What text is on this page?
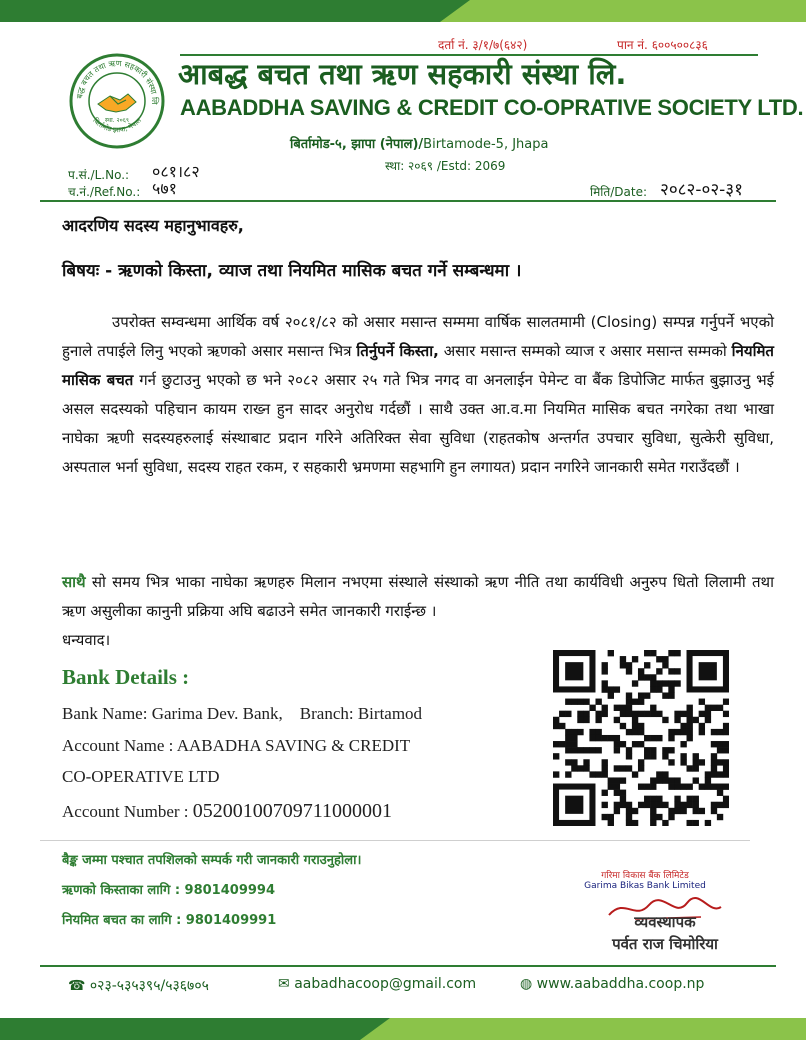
दर्ता नं. ३/१/७(६४२)	पान नं. ६००५००८३६
बद्ध बचत तथा ऋण सहकारी संस्था लि
बिर्तामोड झापा, नेपाल
स्था. २०६९
आबद्ध बचत तथा ऋण सहकारी संस्था लि.
AABADDHA SAVING & CREDIT CO-OPRATIVE SOCIETY LTD.
बिर्तामोड-५, झापा (नेपाल)/Birtamode-5, Jhapa
स्था: २०६९ /Estd: 2069
प.सं./L.No.: ०८१।८२
च.नं./Ref.No.: ५७१	मिति/Date: २०८२-०२-३१
आदरणिय सदस्य महानुभावहरु,
बिषयः - ऋणको किस्ता, व्याज तथा नियमित मासिक बचत गर्ने सम्बन्धमा ।
उपरोक्त सम्वन्धमा आर्थिक वर्ष २०८१/८२ को असार मसान्त सम्ममा वार्षिक सालतमामी (Closing) सम्पन्न गर्नुपर्ने भएको हुनाले तपाईले लिनु भएको ऋणको असार मसान्त भित्र तिर्नुपर्ने किस्ता, असार मसान्त सम्मको व्याज र असार मसान्त सम्मको नियमित मासिक बचत गर्न छुटाउनु भएको छ भने २०८२ असार २५ गते भित्र नगद वा अनलाईन पेमेन्ट वा बैंक डिपोजिट मार्फत बुझाउनु भई असल सदस्यको पहिचान कायम राख्न हुन सादर अनुरोध गर्दछौं । साथै उक्त आ.व.मा नियमित मासिक बचत नगरेका तथा भाखा नाघेका ऋणी सदस्यहरुलाई संस्थाबाट प्रदान गरिने अतिरिक्त सेवा सुविधा (राहतकोष अन्तर्गत उपचार सुविधा, सुत्केरी सुविधा, अस्पताल भर्ना सुविधा, सदस्य राहत रकम, र सहकारी भ्रमणमा सहभागि हुन लगायत) प्रदान नगरिने जानकारी समेत गराउँदछौं ।
साथै सो समय भित्र भाका नाघेका ऋणहरु मिलान नभएमा संस्थाले संस्थाको ऋण नीति तथा कार्यविधी अनुरुप धितो लिलामी तथा ऋण असुलीका कानुनी प्रक्रिया अघि बढाउने समेत जानकारी गराईन्छ ।
धन्यवाद।
Bank Details :
Bank Name: Garima Dev. Bank, Branch: Birtamod
Account Name : AABADHA SAVING & CREDIT
CO-OPERATIVE LTD
Account Number : 05200100709711000001
बैङ्क जम्मा पश्चात तपशिलको सम्पर्क गरी जानकारी गराउनुहोला।
ऋणको किस्ताका लागि : 9801409994
नियमित बचत का लागि : 9801409991
गरिमा विकास बैंक लिमिटेड
Garima Bikas Bank Limited
व्यवस्थापक
पर्वत राज चिमोरिया
☎ ०२३-५३५३९५/५३६७०५	✉ aabadhacoop@gmail.com	◍ www.aabaddha.coop.np
